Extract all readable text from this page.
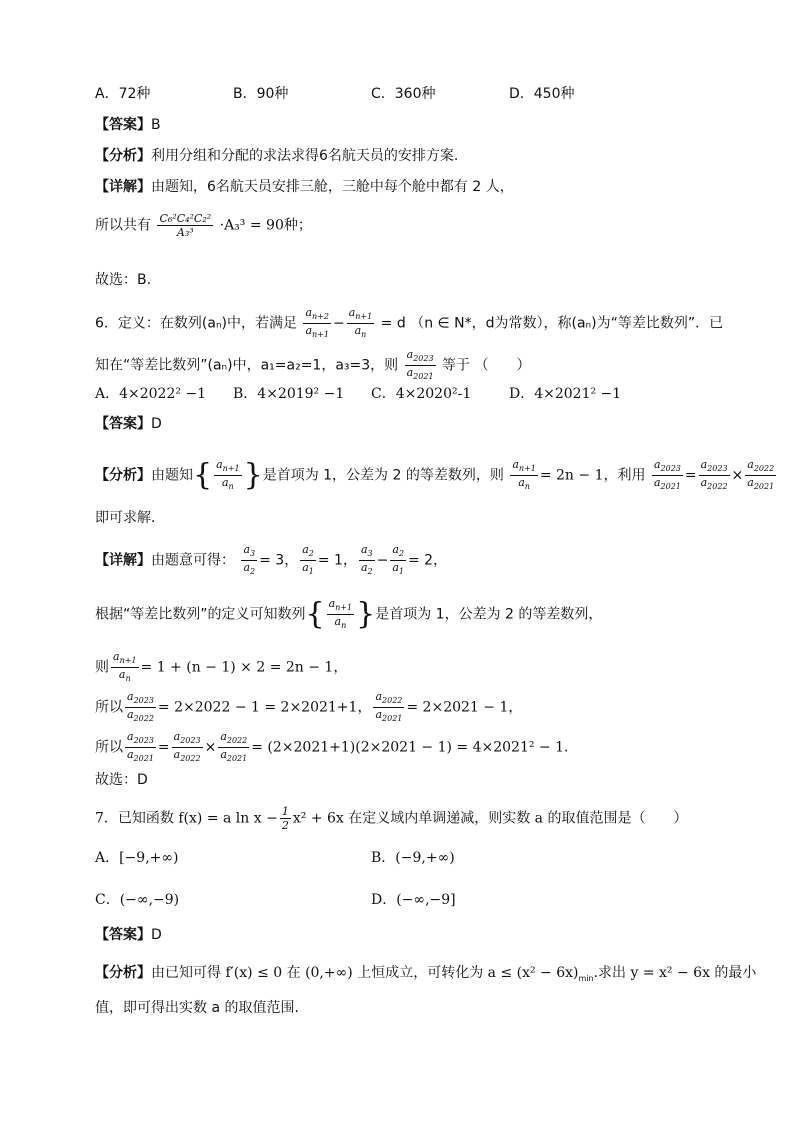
A．72种	B．90种	C．360种	D．450种
【答案】B
【分析】利用分组和分配的求法求得6名航天员的安排方案.
【详解】由题知，6名航天员安排三舱，三舱中每个舱中都有 2 人，
所以共有 $\frac{\text{C₆²C₄²C₂²}}{\text{A₃³}} \cdot A_3^3 = 90$种；
故选：B.
6．定义：在数列(aₙ)中，若满足 $\frac{a_{n+2}}{a_{n+1}} - \frac{a_{n+1}}{a_n} = d$ （n ∈ N*，d为常数），称(aₙ)为“等差比数列”．已
知在“等差比数列”(aₙ)中，a₁=a₂=1，a₃=3，则 $\frac{a_{2023}}{a_{2021}}$ 等于 （　　）
A．4×2022² −1 B．4×2019² −1 C．4×2020²-1	D．4×2021² −1
【答案】D
【分析】由题知{ $\frac{a_{n+1}}{a_n}$ }是首项为 1，公差为 2 的等差数列，则 $\frac{a_{n+1}}{a_n} = 2n - 1$，利用 $\frac{a_{2023}}{a_{2021}} = \frac{a_{2023}}{a_{2022}} \times \frac{a_{2022}}{a_{2021}}$
即可求解．
【详解】由题意可得： $\frac{a_3}{a_2} = 3$， $\frac{a_2}{a_1} = 1$， $\frac{a_3}{a_2} - \frac{a_2}{a_1} = 2$，
根据“等差比数列”的定义可知数列{ $\frac{a_{n+1}}{a_n}$ }是首项为 1，公差为 2 的等差数列，
则 $\frac{a_{n+1}}{a_n} = 1 + (n - 1) \times 2 = 2n - 1$，
所以 $\frac{a_{2023}}{a_{2022}} = 2\times 2022 - 1 = 2\times 2021+1$， $\frac{a_{2022}}{a_{2021}} = 2\times 2021 - 1$，
所以 $\frac{a_{2023}}{a_{2021}} = \frac{a_{2023}}{a_{2022}} \times \frac{a_{2022}}{a_{2021}} = (2\times 2021+1)(2\times 2021 - 1) = 4\times 2021^2 - 1$．
故选：D
7．已知函数 f(x) = a $\ln x - \frac{1}{2} x^2 + 6x$ 在定义域内单调递减，则实数 a 的取值范围是（　　）
A．[−9,+∞)	B．(−9,+∞)
C．(−∞,−9)	D．(−∞,−9]
【答案】D
【分析】由已知可得 f′(x) ≤ 0 在 (0,+∞) 上恒成立，可转化为 $a \le (x^2 - 6x)_{min}$.求出 y = x² − 6x 的最小
值，即可得出实数 a 的取值范围.
